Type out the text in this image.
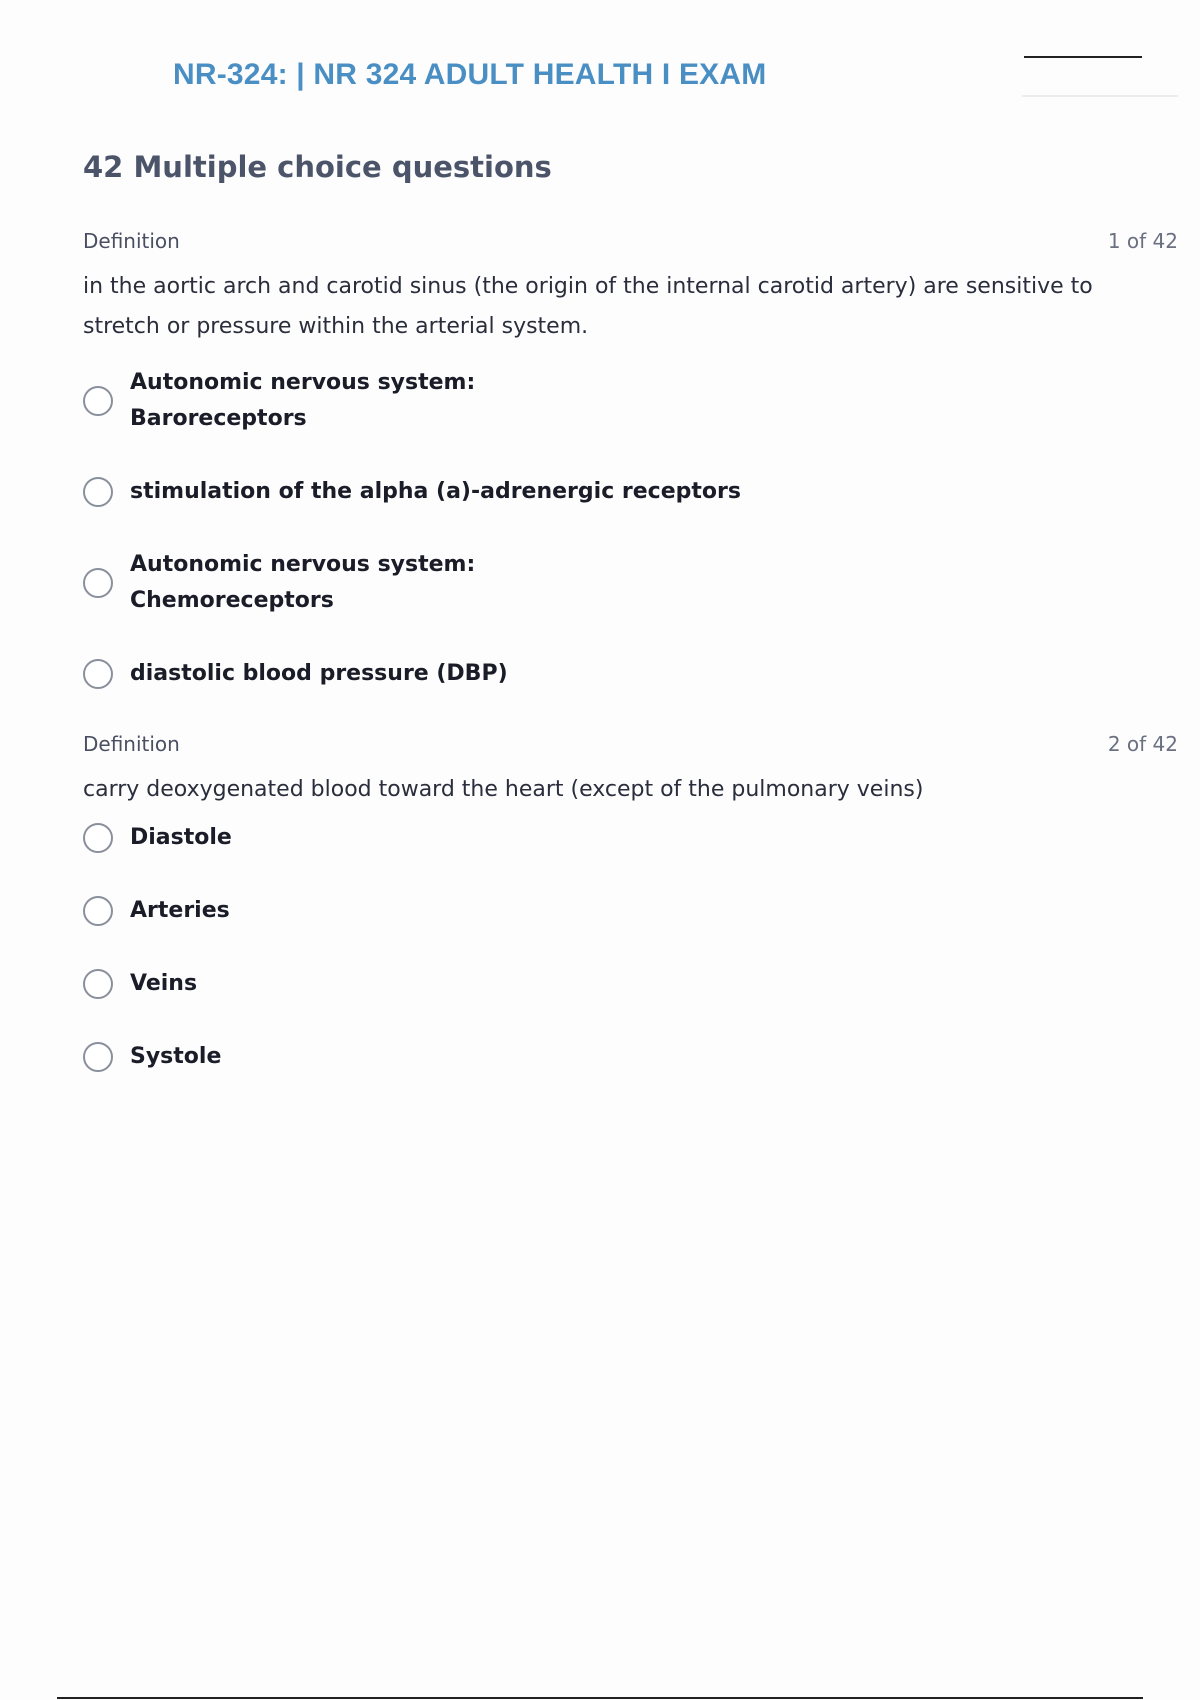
NR-324: | NR 324 ADULT HEALTH I EXAM
42 Multiple choice questions
Definition	1 of 42
in the aortic arch and carotid sinus (the origin of the internal carotid artery) are sensitive to stretch or pressure within the arterial system.
Autonomic nervous system:
Baroreceptors
stimulation of the alpha (a)-adrenergic receptors
Autonomic nervous system:
Chemoreceptors
diastolic blood pressure (DBP)
Definition	2 of 42
carry deoxygenated blood toward the heart (except of the pulmonary veins)
Diastole
Arteries
Veins
Systole
